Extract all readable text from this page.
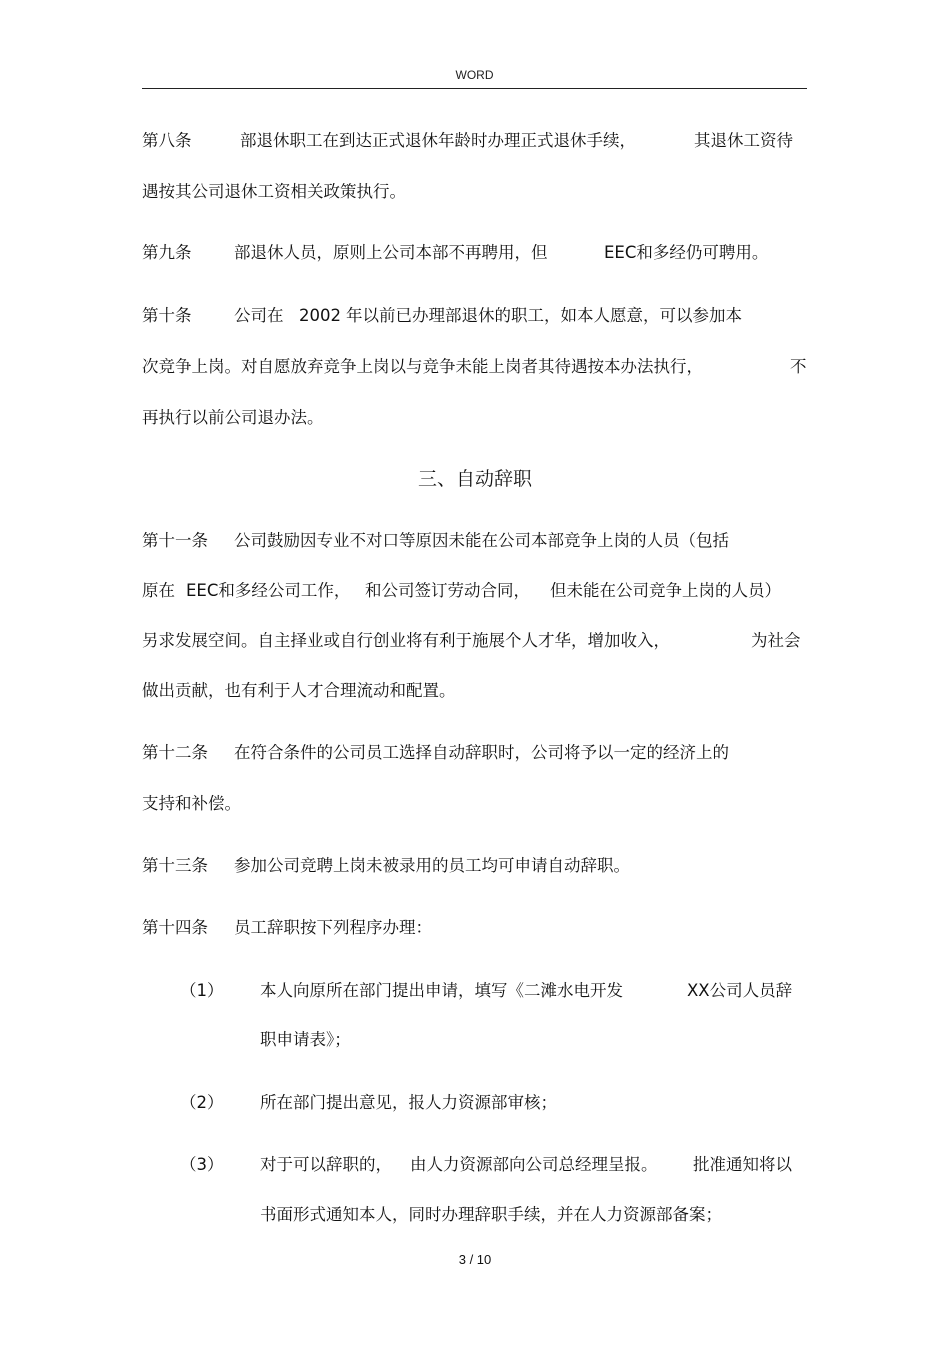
WORD
第八条	部退休职工在到达正式退休年龄时办理正式退休手续，	其退休工资待
遇按其公司退休工资相关政策执行。
第九条	部退休人员，原则上公司本部不再聘用，但	EEC和多经仍可聘用。
第十条	公司在 2002 年以前已办理部退休的职工，如本人愿意，可以参加本
次竞争上岗。对自愿放弃竞争上岗以与竞争未能上岗者其待遇按本办法执行，	不
再执行以前公司退办法。
三、自动辞职
第十一条 公司鼓励因专业不对口等原因未能在公司本部竞争上岗的人员（包括
原在 EEC和多经公司工作， 和公司签订劳动合同， 但未能在公司竞争上岗的人员）
另求发展空间。自主择业或自行创业将有利于施展个人才华，增加收入，	为社会
做出贡献，也有利于人才合理流动和配置。
第十二条 在符合条件的公司员工选择自动辞职时，公司将予以一定的经济上的
支持和补偿。
第十三条 参加公司竞聘上岗未被录用的员工均可申请自动辞职。
第十四条 员工辞职按下列程序办理：
（1） 本人向原所在部门提出申请，填写《二滩水电开发	XX公司人员辞
职申请表》；
（2） 所在部门提出意见，报人力资源部审核；
（3） 对于可以辞职的， 由人力资源部向公司总经理呈报。 批准通知将以
书面形式通知本人，同时办理辞职手续，并在人力资源部备案；
3 / 10
